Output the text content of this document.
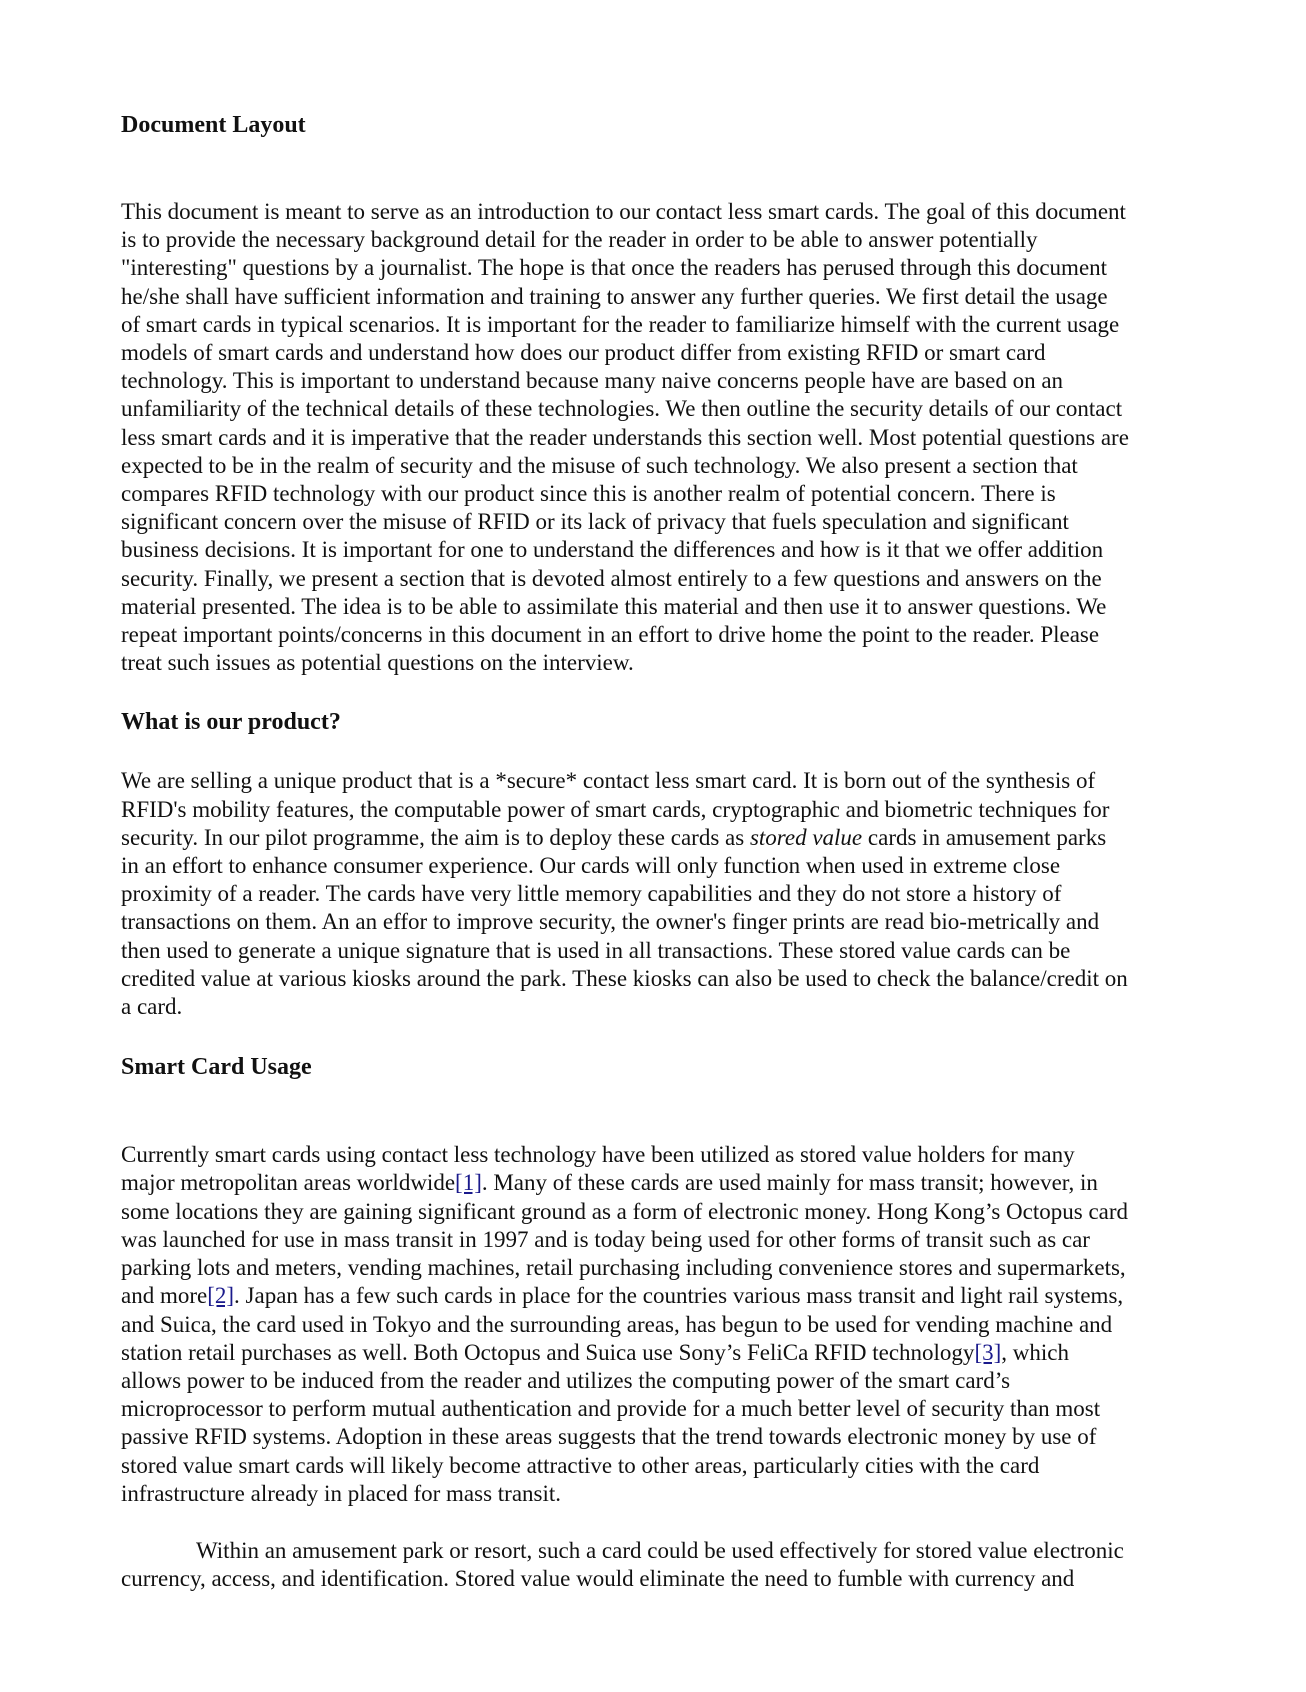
Document Layout

This document is meant to serve as an introduction to our contact less smart cards. The goal of this document
is to provide the necessary background detail for the reader in order to be able to answer potentially
"interesting" questions by a journalist. The hope is that once the readers has perused through this document
he/she shall have sufficient information and training to answer any further queries. We first detail the usage
of smart cards in typical scenarios. It is important for the reader to familiarize himself with the current usage
models of smart cards and understand how does our product differ from existing RFID or smart card
technology. This is important to understand because many naive concerns people have are based on an
unfamiliarity of the technical details of these technologies. We then outline the security details of our contact
less smart cards and it is imperative that the reader understands this section well. Most potential questions are
expected to be in the realm of security and the misuse of such technology. We also present a section that
compares RFID technology with our product since this is another realm of potential concern. There is
significant concern over the misuse of RFID or its lack of privacy that fuels speculation and significant
business decisions. It is important for one to understand the differences and how is it that we offer addition
security. Finally, we present a section that is devoted almost entirely to a few questions and answers on the
material presented. The idea is to be able to assimilate this material and then use it to answer questions. We
repeat important points/concerns in this document in an effort to drive home the point to the reader. Please
treat such issues as potential questions on the interview.

What is our product?

We are selling a unique product that is a *secure* contact less smart card. It is born out of the synthesis of
RFID's mobility features, the computable power of smart cards, cryptographic and biometric techniques for
security. In our pilot programme, the aim is to deploy these cards as stored value cards in amusement parks
in an effort to enhance consumer experience. Our cards will only function when used in extreme close
proximity of a reader. The cards have very little memory capabilities and they do not store a history of
transactions on them. An an effor to improve security, the owner's finger prints are read bio-metrically and
then used to generate a unique signature that is used in all transactions. These stored value cards can be
credited value at various kiosks around the park. These kiosks can also be used to check the balance/credit on
a card.

Smart Card Usage

Currently smart cards using contact less technology have been utilized as stored value holders for many
major metropolitan areas worldwide[1]. Many of these cards are used mainly for mass transit; however, in
some locations they are gaining significant ground as a form of electronic money. Hong Kong’s Octopus card
was launched for use in mass transit in 1997 and is today being used for other forms of transit such as car
parking lots and meters, vending machines, retail purchasing including convenience stores and supermarkets,
and more[2]. Japan has a few such cards in place for the countries various mass transit and light rail systems,
and Suica, the card used in Tokyo and the surrounding areas, has begun to be used for vending machine and
station retail purchases as well. Both Octopus and Suica use Sony’s FeliCa RFID technology[3], which
allows power to be induced from the reader and utilizes the computing power of the smart card’s
microprocessor to perform mutual authentication and provide for a much better level of security than most
passive RFID systems. Adoption in these areas suggests that the trend towards electronic money by use of
stored value smart cards will likely become attractive to other areas, particularly cities with the card
infrastructure already in placed for mass transit.

Within an amusement park or resort, such a card could be used effectively for stored value electronic
currency, access, and identification. Stored value would eliminate the need to fumble with currency and
